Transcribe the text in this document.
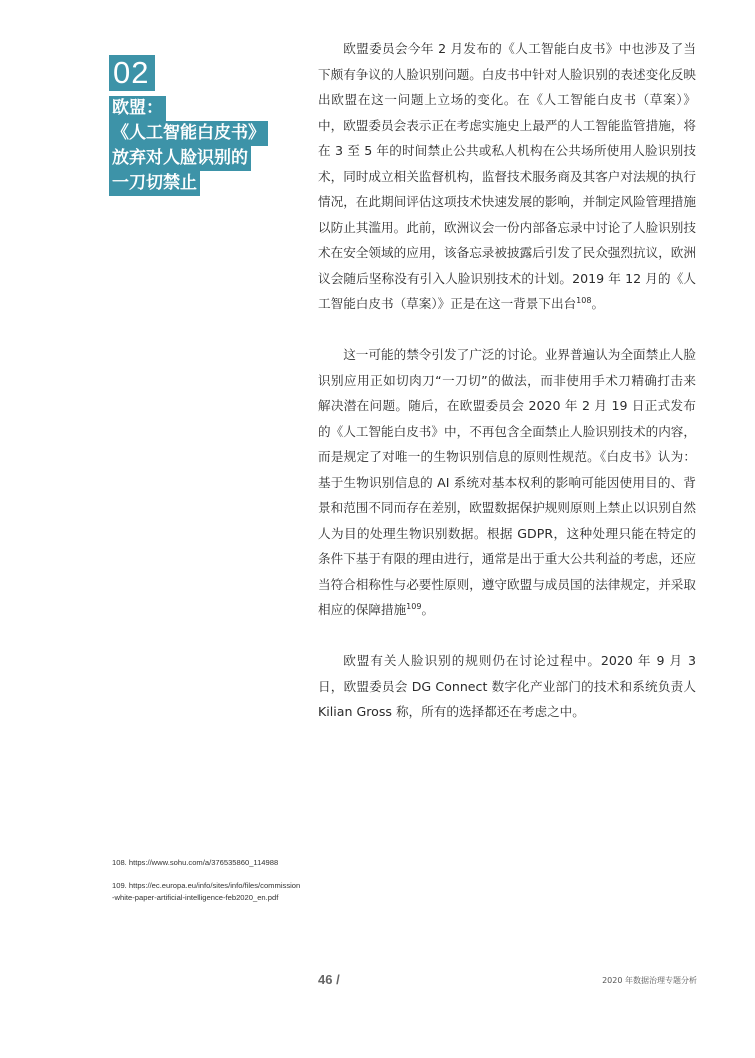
02
欧盟：
《人工智能白皮书》
放弃对人脸识别的
一刀切禁止

欧盟委员会今年 2 月发布的《人工智能白皮书》中也涉及了当下颇有争议的人脸识别问题。白皮书中针对人脸识别的表述变化反映出欧盟在这一问题上立场的变化。在《人工智能白皮书（草案）》中，欧盟委员会表示正在考虑实施史上最严的人工智能监管措施，将在 3 至 5 年的时间禁止公共或私人机构在公共场所使用人脸识别技术，同时成立相关监督机构，监督技术服务商及其客户对法规的执行情况，在此期间评估这项技术快速发展的影响，并制定风险管理措施以防止其滥用。此前，欧洲议会一份内部备忘录中讨论了人脸识别技术在安全领域的应用，该备忘录被披露后引发了民众强烈抗议，欧洲议会随后坚称没有引入人脸识别技术的计划。2019 年 12 月的《人工智能白皮书（草案）》正是在这一背景下出台$^{108}$。

这一可能的禁令引发了广泛的讨论。业界普遍认为全面禁止人脸识别应用正如切肉刀“一刀切”的做法，而非使用手术刀精确打击来解决潜在问题。随后，在欧盟委员会 2020 年 2 月 19 日正式发布的《人工智能白皮书》中，不再包含全面禁止人脸识别技术的内容，而是规定了对唯一的生物识别信息的原则性规范。《白皮书》认为：基于生物识别信息的 AI 系统对基本权利的影响可能因使用目的、背景和范围不同而存在差别，欧盟数据保护规则原则上禁止以识别自然人为目的处理生物识别数据。根据 GDPR，这种处理只能在特定的条件下基于有限的理由进行，通常是出于重大公共利益的考虑，还应当符合相称性与必要性原则，遵守欧盟与成员国的法律规定，并采取相应的保障措施$^{109}$。

欧盟有关人脸识别的规则仍在讨论过程中。2020 年 9 月 3 日，欧盟委员会 DG Connect 数字化产业部门的技术和系统负责人 Kilian Gross 称，所有的选择都还在考虑之中。

108. https://www.sohu.com/a/376535860_114988
109. https://ec.europa.eu/info/sites/info/files/commission-white-paper-artificial-intelligence-feb2020_en.pdf
46 /	2020 年数据治理专题分析
